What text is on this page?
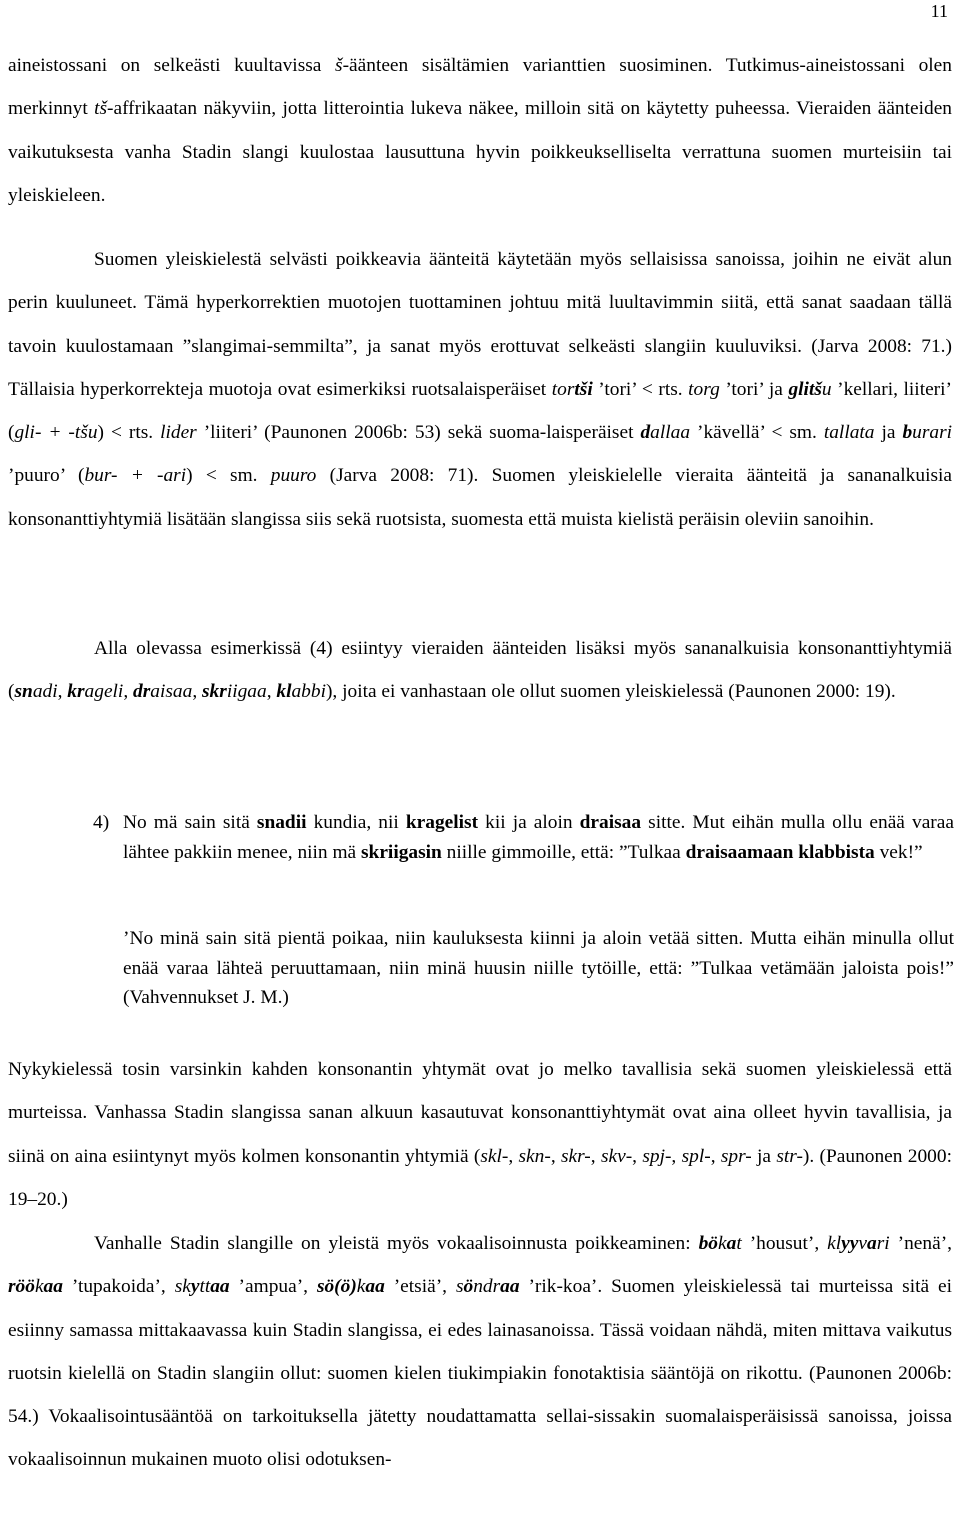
11

aineistossani on selkeästi kuultavissa š-äänteen sisältämien varianttien suosiminen. Tutkimus-aineistossani olen merkinnyt tš-affrikaatan näkyviin, jotta litterointia lukeva näkee, milloin sitä on käytetty puheessa. Vieraiden äänteiden vaikutuksesta vanha Stadin slangi kuulostaa lausuttuna hyvin poikkeukselliselta verrattuna suomen murteisiin tai yleiskieleen.

Suomen yleiskielestä selvästi poikkeavia äänteitä käytetään myös sellaisissa sanoissa, joihin ne eivät alun perin kuuluneet. Tämä hyperkorrektien muotojen tuottaminen johtuu mitä luultavimmin siitä, että sanat saadaan tällä tavoin kuulostamaan ”slangimai-semmilta”, ja sanat myös erottuvat selkeästi slangiin kuuluviksi. (Jarva 2008: 71.) Tällaisia hyperkorrekteja muotoja ovat esimerkiksi ruotsalaisperäiset tortši ’tori’ < rts. torg ’tori’ ja glitšu ’kellari, liiteri’ (gli- + -tšu) < rts. lider ’liiteri’ (Paunonen 2006b: 53) sekä suoma-laisperäiset dallaa ’kävellä’ < sm. tallata ja burari ’puuro’ (bur- + -ari) < sm. puuro (Jarva 2008: 71). Suomen yleiskielelle vieraita äänteitä ja sananalkuisia konsonanttiyhtymiä lisätään slangissa siis sekä ruotsista, suomesta että muista kielistä peräisin oleviin sanoihin.

Alla olevassa esimerkissä (4) esiintyy vieraiden äänteiden lisäksi myös sananalkuisia konsonanttiyhtymiä (snadi, krageli, draisaa, skriigaa, klabbi), joita ei vanhastaan ole ollut suomen yleiskielessä (Paunonen 2000: 19).

4) No mä sain sitä snadii kundia, nii kragelist kii ja aloin draisaa sitte. Mut eihän mulla ollu enää varaa lähtee pakkiin menee, niin mä skriigasin niille gimmoille, että: ”Tulkaa draisaamaan klabbista vek!”

’No minä sain sitä pientä poikaa, niin kauluksesta kiinni ja aloin vetää sitten. Mutta eihän minulla ollut enää varaa lähteä peruuttamaan, niin minä huusin niille tytöille, että: ”Tulkaa vetämään jaloista pois!” (Vahvennukset J. M.)

Nykykielessä tosin varsinkin kahden konsonantin yhtymät ovat jo melko tavallisia sekä suomen yleiskielessä että murteissa. Vanhassa Stadin slangissa sanan alkuun kasautuvat konsonanttiyhtymät ovat aina olleet hyvin tavallisia, ja siinä on aina esiintynyt myös kolmen konsonantin yhtymiä (skl-, skn-, skr-, skv-, spj-, spl-, spr- ja str-). (Paunonen 2000: 19‒20.)

Vanhalle Stadin slangille on yleistä myös vokaalisoinnusta poikkeaminen: bökat ’housut’, klyyvari ’nenä’, röökaa ’tupakoida’, skyttaa ’ampua’, sö(ö)kaa ’etsiä’, söndraa ’rik-koa’. Suomen yleiskielessä tai murteissa sitä ei esiinny samassa mittakaavassa kuin Stadin slangissa, ei edes lainasanoissa. Tässä voidaan nähdä, miten mittava vaikutus ruotsin kielellä on Stadin slangiin ollut: suomen kielen tiukimpiakin fonotaktisia sääntöjä on rikottu. (Paunonen 2006b: 54.) Vokaalisointusääntöä on tarkoituksella jätetty noudattamatta sellai-sissakin suomalaisperäisissä sanoissa, joissa vokaalisoinnun mukainen muoto olisi odotuksen-
